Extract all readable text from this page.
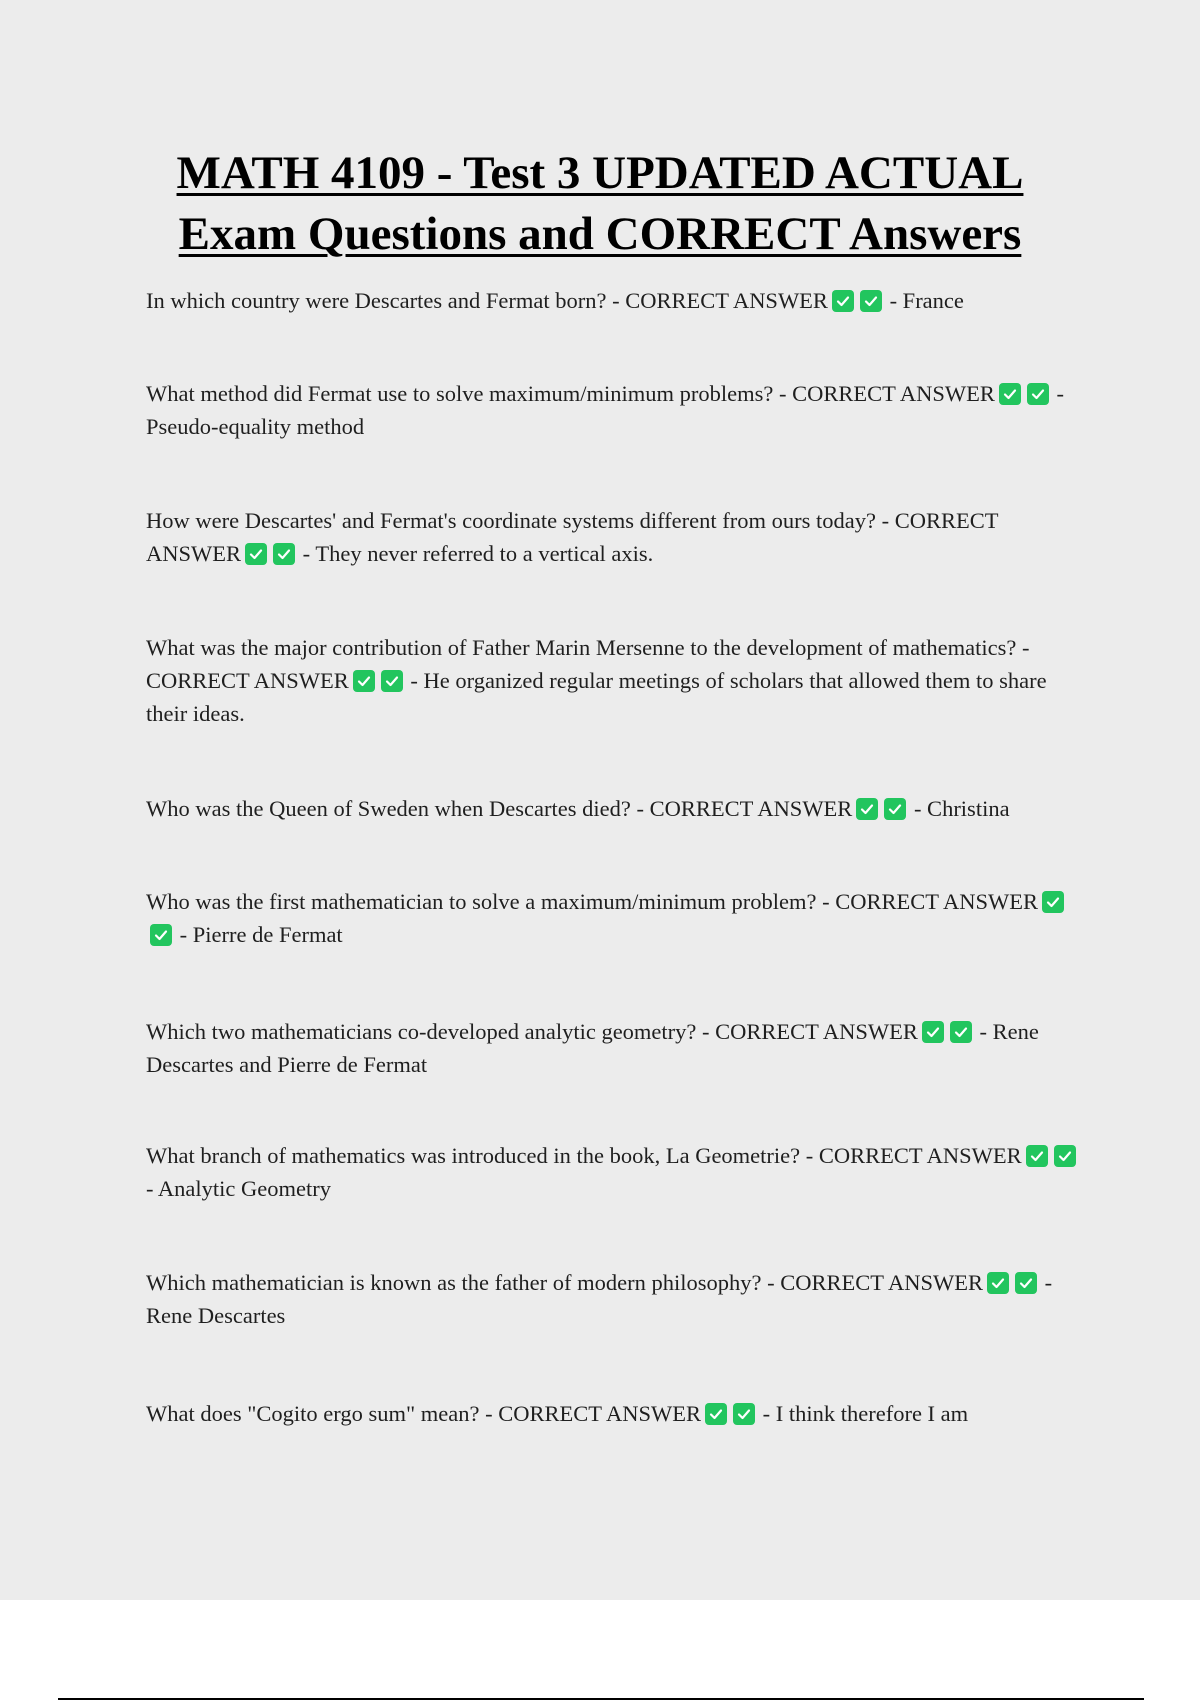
MATH 4109 - Test 3 UPDATED ACTUAL
Exam Questions and CORRECT Answers
In which country were Descartes and Fermat born? - CORRECT ANSWER	- France
What method did Fermat use to solve maximum/minimum problems? - CORRECT ANSWER	- Pseudo-equality method
How were Descartes' and Fermat's coordinate systems different from ours today? - CORRECT ANSWER	- They never referred to a vertical axis.
What was the major contribution of Father Marin Mersenne to the development of mathematics? - CORRECT ANSWER	- He organized regular meetings of scholars that allowed them to share their ideas.
Who was the Queen of Sweden when Descartes died? - CORRECT ANSWER	- Christina
Who was the first mathematician to solve a maximum/minimum problem? - CORRECT ANSWER
- Pierre de Fermat
Which two mathematicians co-developed analytic geometry? - CORRECT ANSWER	- Rene Descartes and Pierre de Fermat
What branch of mathematics was introduced in the book, La Geometrie? - CORRECT ANSWER
- Analytic Geometry
Which mathematician is known as the father of modern philosophy? - CORRECT ANSWER	- Rene Descartes
What does "Cogito ergo sum" mean? - CORRECT ANSWER	- I think therefore I am
